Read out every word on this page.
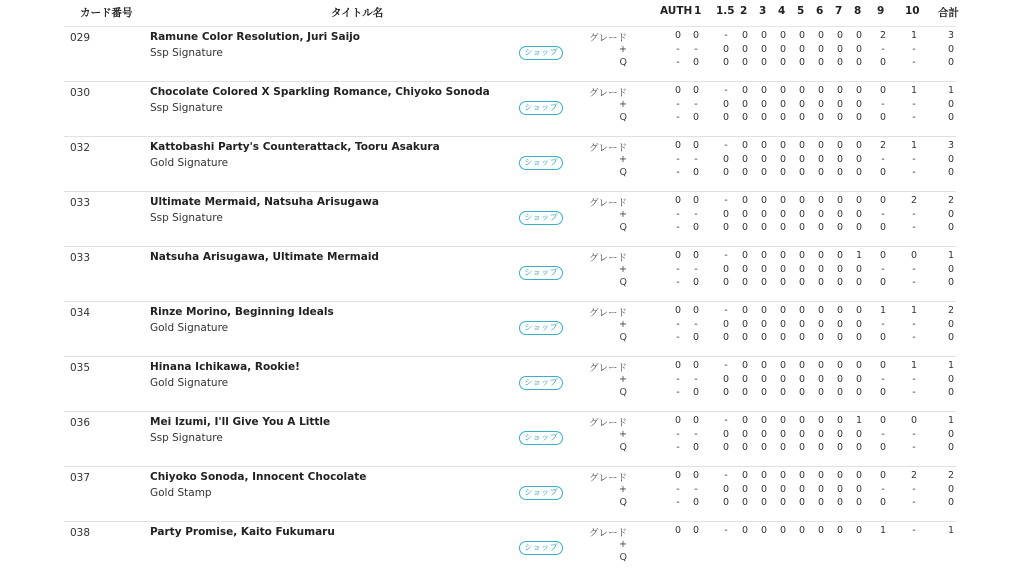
カード番号	タイトル名	AUTH 1 1.5 2 3 4 5 6 7 8 9 10 合計
029	Ramune Color Resolution, Juri Saijo
Ssp Signature	ショップ
グレード	0	0	-	0	0	0	0	0	0	0	2	1	3
+	-	-	0	0	0	0	0	0	0	0	-	-	0
Q	-	0	0	0	0	0	0	0	0	0	0	-	0
030	Chocolate Colored X Sparkling Romance, Chiyoko Sonoda
Ssp Signature	ショップ
グレード	0	0	-	0	0	0	0	0	0	0	0	1	1
+	-	-	0	0	0	0	0	0	0	0	-	-	0
Q	-	0	0	0	0	0	0	0	0	0	0	-	0
032	Kattobashi Party's Counterattack, Tooru Asakura
Gold Signature	ショップ
グレード	0	0	-	0	0	0	0	0	0	0	2	1	3
+	-	-	0	0	0	0	0	0	0	0	-	-	0
Q	-	0	0	0	0	0	0	0	0	0	0	-	0
033	Ultimate Mermaid, Natsuha Arisugawa
Ssp Signature	ショップ
グレード	0	0	-	0	0	0	0	0	0	0	0	2	2
+	-	-	0	0	0	0	0	0	0	0	-	-	0
Q	-	0	0	0	0	0	0	0	0	0	0	-	0
033	Natsuha Arisugawa, Ultimate Mermaid
ショップ
グレード	0	0	-	0	0	0	0	0	0	1	0	0	1
+	-	-	0	0	0	0	0	0	0	0	-	-	0
Q	-	0	0	0	0	0	0	0	0	0	0	-	0
034	Rinze Morino, Beginning Ideals
Gold Signature	ショップ
グレード	0	0	-	0	0	0	0	0	0	0	1	1	2
+	-	-	0	0	0	0	0	0	0	0	-	-	0
Q	-	0	0	0	0	0	0	0	0	0	0	-	0
035	Hinana Ichikawa, Rookie!
Gold Signature	ショップ
グレード	0	0	-	0	0	0	0	0	0	0	0	1	1
+	-	-	0	0	0	0	0	0	0	0	-	-	0
Q	-	0	0	0	0	0	0	0	0	0	0	-	0
036	Mei Izumi, I'll Give You A Little
Ssp Signature	ショップ
グレード	0	0	-	0	0	0	0	0	0	1	0	0	1
+	-	-	0	0	0	0	0	0	0	0	-	-	0
Q	-	0	0	0	0	0	0	0	0	0	0	-	0
037	Chiyoko Sonoda, Innocent Chocolate
Gold Stamp	ショップ
グレード	0	0	-	0	0	0	0	0	0	0	0	2	2
+	-	-	0	0	0	0	0	0	0	0	-	-	0
Q	-	0	0	0	0	0	0	0	0	0	0	-	0
038	Party Promise, Kaito Fukumaru
ショップ
グレード	0	0	-	0	0	0	0	0	0	0	1	-	1
+
Q
